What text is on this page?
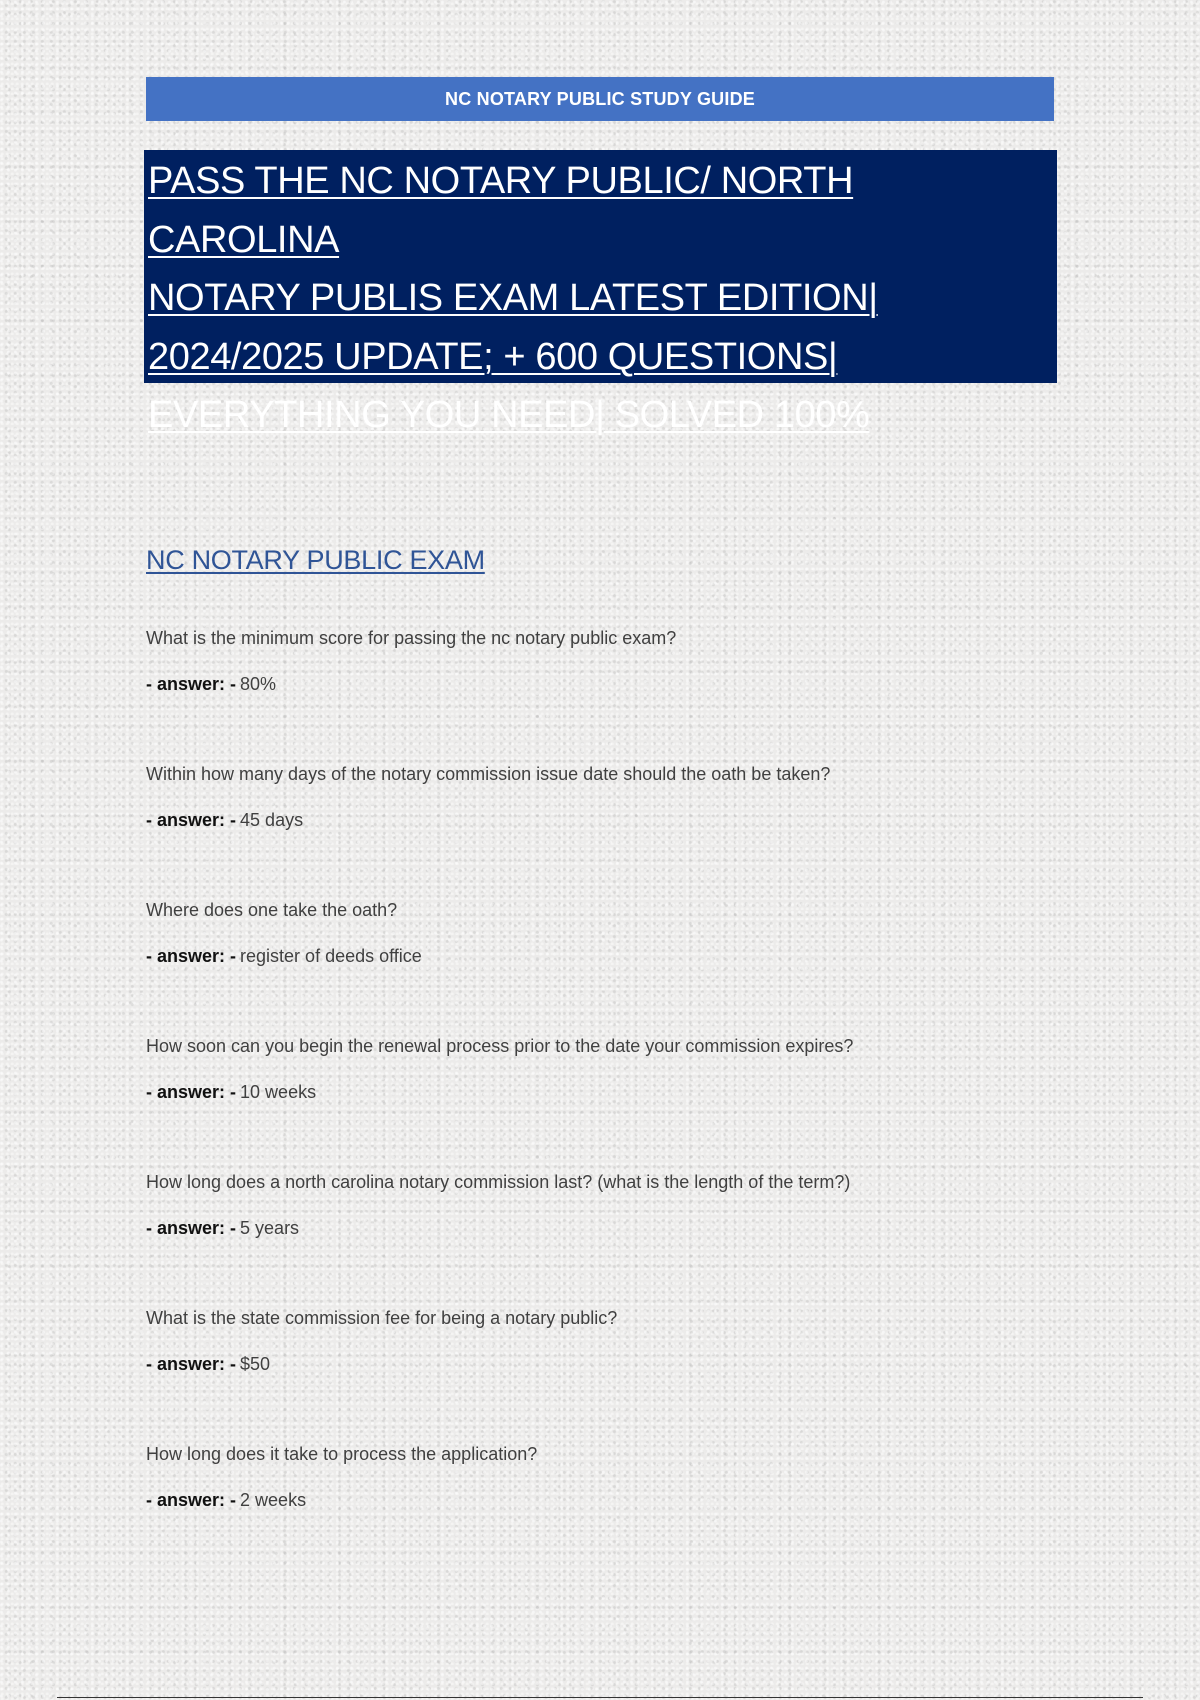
NC NOTARY PUBLIC STUDY GUIDE

PASS THE NC NOTARY PUBLIC/ NORTH CAROLINA
NOTARY PUBLIS EXAM LATEST EDITION|
2024/2025 UPDATE; + 600 QUESTIONS|
EVERYTHING YOU NEED| SOLVED 100%

NC NOTARY PUBLIC EXAM

What is the minimum score for passing the nc notary public exam?

- answer: - 80%

Within how many days of the notary commission issue date should the oath be taken?

- answer: - 45 days

Where does one take the oath?

- answer: - register of deeds office

How soon can you begin the renewal process prior to the date your commission expires?

- answer: - 10 weeks

How long does a north carolina notary commission last? (what is the length of the term?)

- answer: - 5 years

What is the state commission fee for being a notary public?

- answer: - $50

How long does it take to process the application?

- answer: - 2 weeks
